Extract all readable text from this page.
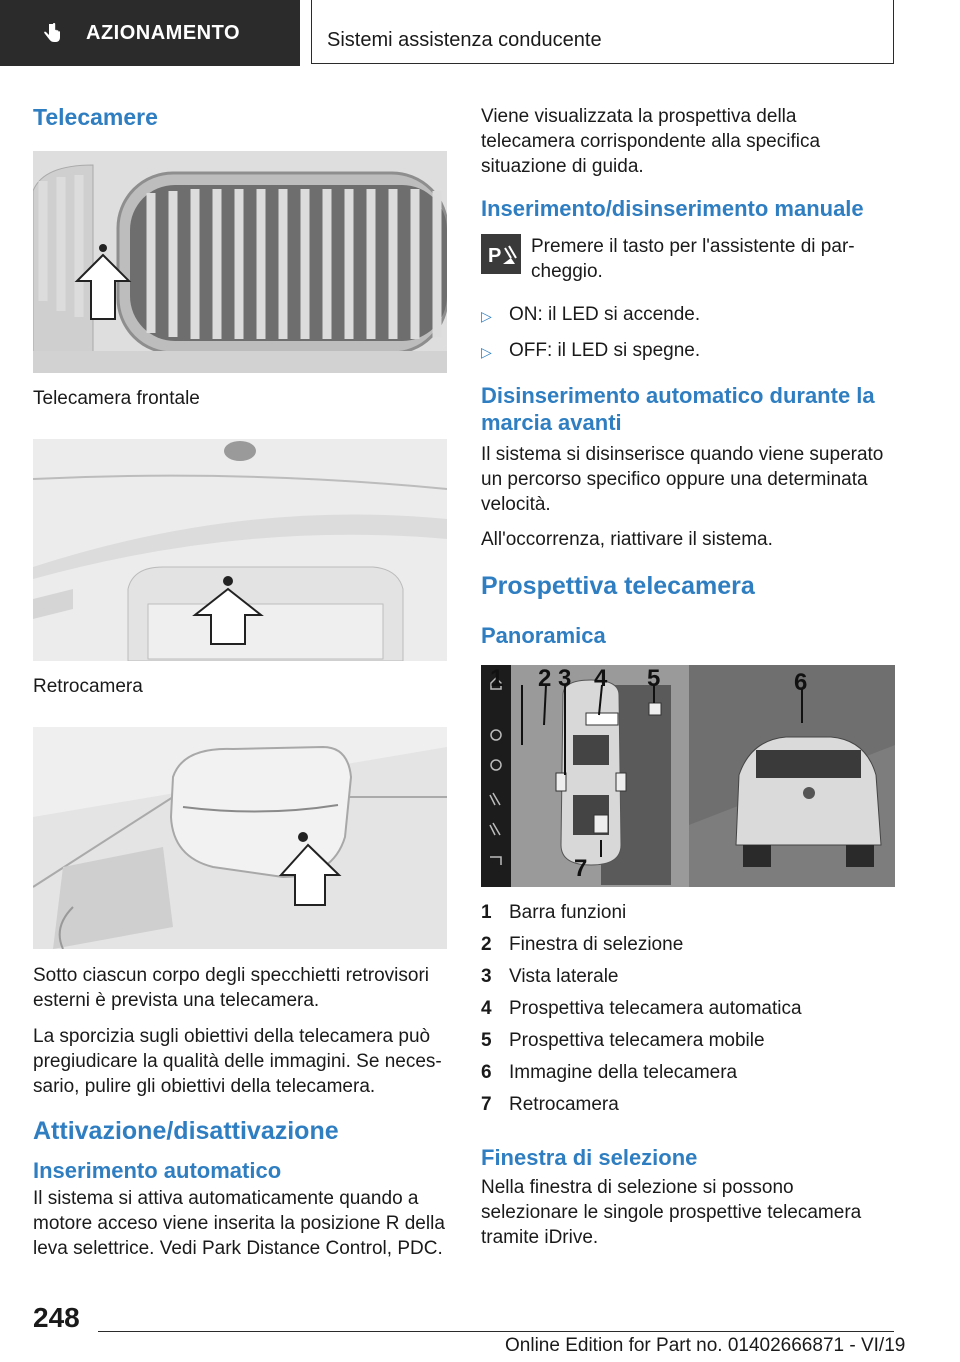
AZIONAMENTO	Sistemi assistenza conducente
Telecamere

Telecamera frontale

Retrocamera

Sotto ciascun corpo degli specchietti retrovisori esterni è prevista una telecamera.

La sporcizia sugli obiettivi della telecamera può pregiudicare la qualità delle immagini. Se necessario, pulire gli obiettivi della telecamera.

Attivazione/disattivazione
Inserimento automatico

Il sistema si attiva automaticamente quando a motore acceso viene inserita la posizione R della leva selettrice. Vedi Park Distance Control, PDC.

Viene visualizzata la prospettiva della telecamera corrispondente alla specifica situazione di guida.

Inserimento/disinserimento manuale
P Premere il tasto per l'assistente di parcheggio.

▷ ON: il LED si accende.
▷ OFF: il LED si spegne.
Disinserimento automatico durante la marcia avanti

Il sistema si disinserisce quando viene superato un percorso specifico oppure una determinata velocità.

All'occorrenza, riattivare il sistema.

Prospettiva telecamera
Panoramica
1 2 3 4 5	6
7
1 Barra funzioni
2 Finestra di selezione
3 Vista laterale
4 Prospettiva telecamera automatica
5 Prospettiva telecamera mobile
6 Immagine della telecamera
7 Retrocamera
Finestra di selezione

Nella finestra di selezione si possono selezionare le singole prospettive telecamera tramite iDrive.

248
Online Edition for Part no. 01402666871 - VI/19
